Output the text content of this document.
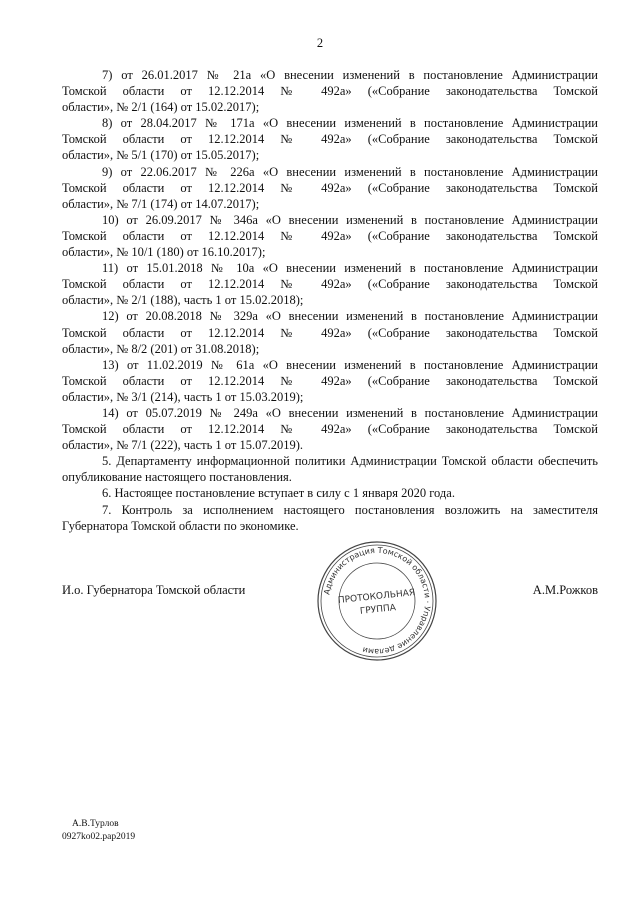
2
7) от 26.01.2017 № 21а «О внесении изменений в постановление Администрации
Томской области от 12.12.2014 № 492а» («Собрание законодательства Томской
области», № 2/1 (164) от 15.02.2017);
8) от 28.04.2017 № 171а «О внесении изменений в постановление Администрации
Томской области от 12.12.2014 № 492а» («Собрание законодательства Томской
области», № 5/1 (170) от 15.05.2017);
9) от 22.06.2017 № 226а «О внесении изменений в постановление Администрации
Томской области от 12.12.2014 № 492а» («Собрание законодательства Томской
области», № 7/1 (174) от 14.07.2017);
10) от 26.09.2017 № 346а «О внесении изменений в постановление Администрации
Томской области от 12.12.2014 № 492а» («Собрание законодательства Томской
области», № 10/1 (180) от 16.10.2017);
11) от 15.01.2018 № 10а «О внесении изменений в постановление Администрации
Томской области от 12.12.2014 № 492а» («Собрание законодательства Томской
области», № 2/1 (188), часть 1 от 15.02.2018);
12) от 20.08.2018 № 329а «О внесении изменений в постановление Администрации
Томской области от 12.12.2014 № 492а» («Собрание законодательства Томской
области», № 8/2 (201) от 31.08.2018);
13) от 11.02.2019 № 61а «О внесении изменений в постановление Администрации
Томской области от 12.12.2014 № 492а» («Собрание законодательства Томской
области», № 3/1 (214), часть 1 от 15.03.2019);
14) от 05.07.2019 № 249а «О внесении изменений в постановление Администрации
Томской области от 12.12.2014 № 492а» («Собрание законодательства Томской
области», № 7/1 (222), часть 1 от 15.07.2019).

5. Департаменту информационной политики Администрации Томской области обеспечить опубликование настоящего постановления.

6. Настоящее постановление вступает в силу с 1 января 2020 года.

7. Контроль за исполнением настоящего постановления возложить на заместителя Губернатора Томской области по экономике.

И.о. Губернатора Томской области	А.М.Рожков
Администрация Томской области · Управление делами
ПРОТОКОЛЬНАЯ
ГРУППА
А.В.Турлов
0927ko02.pap2019
